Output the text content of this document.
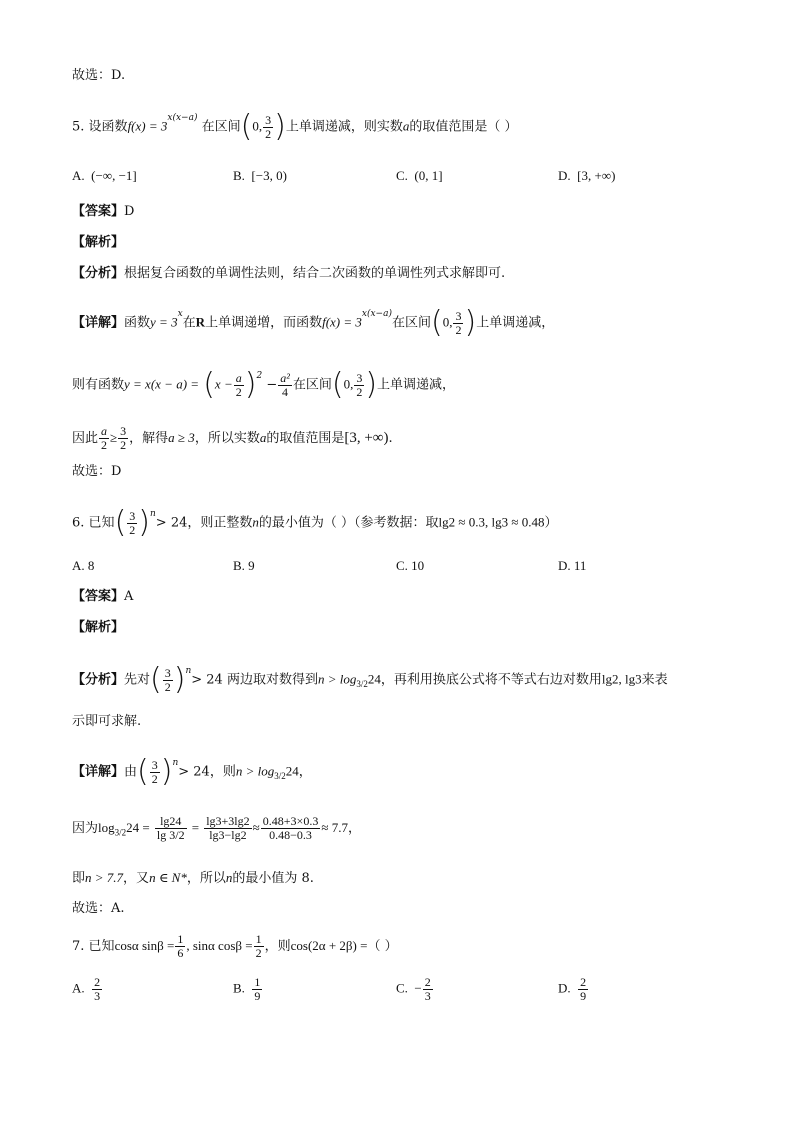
故选：D.
5. 设函数$f(x) = 3^{x(x-a)}$ 在区间(0, $\frac{3}{2}$ )上单调递减，则实数a的取值范围是（ ）
A. (−∞, −1]	B. [−3, 0)	C. (0, 1]	D. [3, +∞)
【答案】D
【解析】
【分析】根据复合函数的单调性法则，结合二次函数的单调性列式求解即可.
【详解】函数$y = 3^x$在R上单调递增，而函数$f(x) = 3^{x(x-a)}$在区间(0, $\frac{3}{2}$ )上单调递减，
则有函数$y = x(x - a) = (x - \frac{a}{2} )^2 - \frac{\text{a²}}{4}$ 在区间(0, $\frac{3}{2}$ )上单调递减，
因此 $\frac{a}{2} \ge \frac{3}{2}$ ，解得a ≥ 3，所以实数a的取值范围是[3, +∞).
故选：D
6. 已知( $\frac{3}{2} )^n> 24$，则正整数n的最小值为（ ）（参考数据：取lg2 ≈ 0.3, lg3 ≈ 0.48）
A. 8	B. 9	C. 10	D. 11
【答案】A
【解析】
【分析】先对( $\frac{3}{2} )^n> 24$ 两边取对数得到$n > \log_{3/2}24$，再利用换底公式将不等式右边对数用lg2, lg3来表
示即可求解.
【详解】由( $\frac{3}{2} )^n> 24$，则$n > \log_{3/2}24$，
因为$\log_{3/2}24 = \frac{\lg 24}{\lg 3/2} = \frac{\lg 3+3\lg 2}{\lg 3-\lg 2} \approx \frac{0.48+3\times 0.3}{0.48-0.3} \approx 7.7$，
即n > 7.7，又n ∈ N*，所以n的最小值为 8.
故选：A.
7. 已知cosα $\sin\beta = \frac{1}{6}$ , sinα $\cos\beta = \frac{1}{2}$ ，则cos(2α + 2β) =（ ）
A. $\frac{2}{3}$	B. $\frac{1}{9}$	C. − $\frac{2}{3}$	D. $\frac{2}{9}$
